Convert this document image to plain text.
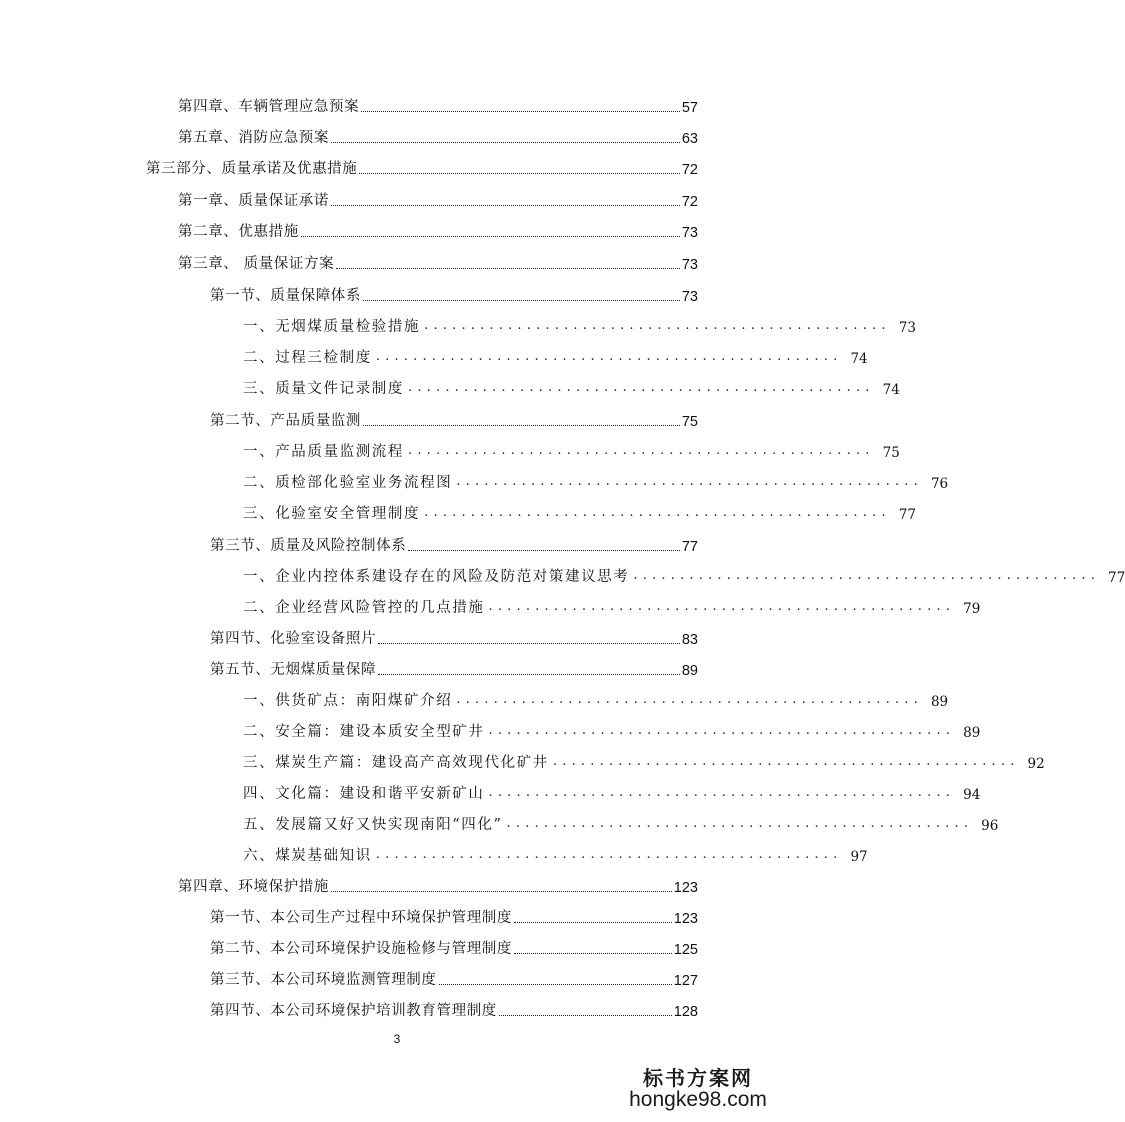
第四章、车辆管理应急预案	57
第五章、消防应急预案	63
第三部分、质量承诺及优惠措施	72
第一章、质量保证承诺	72
第二章、优惠措施	73
第三章、 质量保证方案	73
第一节、质量保障体系	73
一、无烟煤质量检验措施 .................................................. 73
二、过程三检制度 .................................................. 74
三、质量文件记录制度 .................................................. 74
第二节、产品质量监测	75
一、产品质量监测流程 .................................................. 75
二、质检部化验室业务流程图 .................................................. 76
三、化验室安全管理制度 .................................................. 77
第三节、质量及风险控制体系	77
一、企业内控体系建设存在的风险及防范对策建议思考 .................................................. 77
二、企业经营风险管控的几点措施 .................................................. 79
第四节、化验室设备照片	83
第五节、无烟煤质量保障	89
一、供货矿点：南阳煤矿介绍 .................................................. 89
二、安全篇：建设本质安全型矿井 .................................................. 89
三、煤炭生产篇：建设高产高效现代化矿井 .................................................. 92
四、文化篇：建设和谐平安新矿山 .................................................. 94
五、发展篇又好又快实现南阳“四化” .................................................. 96
六、煤炭基础知识 .................................................. 97
第四章、环境保护措施	123
第一节、本公司生产过程中环境保护管理制度	123
第二节、本公司环境保护设施检修与管理制度	125
第三节、本公司环境监测管理制度	127
第四节、本公司环境保护培训教育管理制度	128
3
标书方案网
hongke98.com
